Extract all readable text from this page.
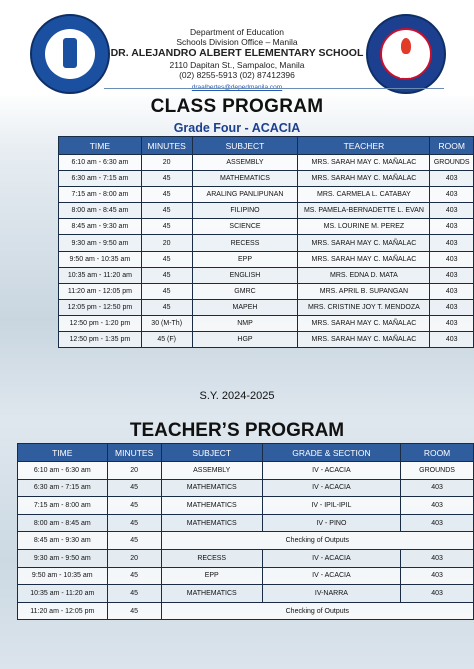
Department of Education
Schools Division Office – Manila
DR. ALEJANDRO ALBERT ELEMENTARY SCHOOL
2110 Dapitan St., Sampaloc, Manila
(02) 8255-5913 (02) 87412396	1937
CLASS PROGRAM
Grade Four - ACACIA
TIME	MINUTES	SUBJECT	TEACHER	ROOM
6:10 am - 6:30 am	20	ASSEMBLY	MRS. SARAH MAY C. MAÑALAC	GROUNDS
6:30 am - 7:15 am	45	MATHEMATICS	MRS. SARAH MAY C. MAÑALAC	403
7:15 am - 8:00 am	45	ARALING PANLIPUNAN	MRS. CARMELA L. CATABAY	403
8:00 am - 8:45 am	45	FILIPINO	MS. PAMELA-BERNADETTE L. EVAN	403
8:45 am - 9:30 am	45	SCIENCE	MS. LOURINE M. PEREZ	403
9:30 am - 9:50 am	20	RECESS	MRS. SARAH MAY C. MAÑALAC	403
9:50 am - 10:35 am	45	EPP	MRS. SARAH MAY C. MAÑALAC	403
10:35 am - 11:20 am	45	ENGLISH	MRS. EDNA D. MATA	403
11:20 am - 12:05 pm	45	GMRC	MRS. APRIL B. SUPANGAN	403
12:05 pm - 12:50 pm	45	MAPEH	MRS. CRISTINE JOY T. MENDOZA	403
12:50 pm - 1:20 pm	30 (M-Th)	NMP	MRS. SARAH MAY C. MAÑALAC	403
12:50 pm - 1:35 pm	45 (F)	HGP	MRS. SARAH MAY C. MAÑALAC	403
TIME	MINUTES	SUBJECT	GRADE & SECTION	ROOM
6:10 am - 6:30 am	20	ASSEMBLY	IV - ACACIA	GROUNDS
6:30 am - 7:15 am	45	MATHEMATICS	IV - ACACIA	403
7:15 am - 8:00 am	45	MATHEMATICS	IV - IPIL-IPIL	403
8:00 am - 8:45 am	45	MATHEMATICS	IV - PINO	403
8:45 am - 9:30 am	45	Checking of Outputs		
9:30 am - 9:50 am	20	RECESS	IV - ACACIA	403
9:50 am - 10:35 am	45	EPP	IV - ACACIA	403
10:35 am - 11:20 am	45	MATHEMATICS	IV-NARRA	403
11:20 am - 12:05 pm	45	Checking of Outputs		
S.Y. 2024-2025
TEACHER’S PROGRAM
